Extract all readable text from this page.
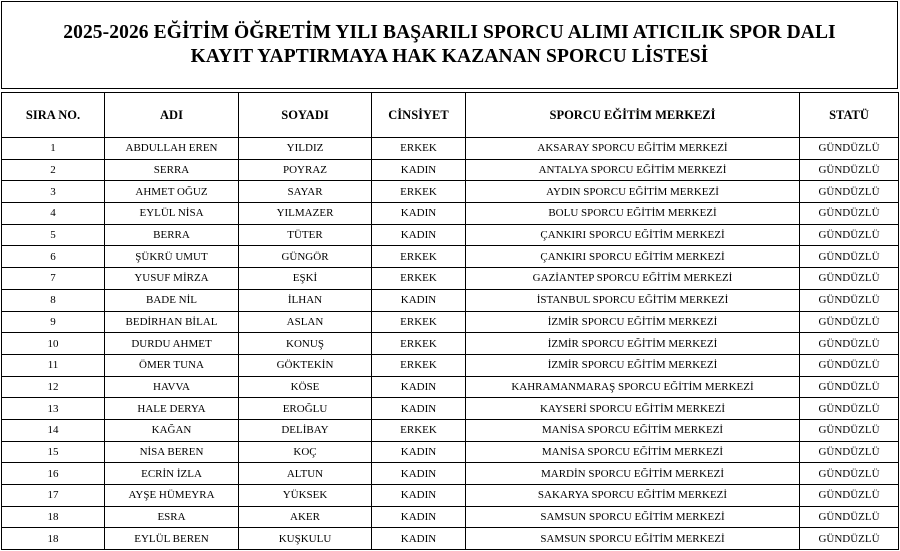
2025-2026 EĞİTİM ÖĞRETİM YILI BAŞARILI SPORCU ALIMI ATICILIK SPOR DALI
KAYIT YAPTIRMAYA HAK KAZANAN SPORCU LİSTESİ
SIRA NO.	ADI	SOYADI	CİNSİYET	SPORCU EĞİTİM MERKEZİ	STATÜ
1	ABDULLAH EREN	YILDIZ	ERKEK	AKSARAY SPORCU EĞİTİM MERKEZİ	GÜNDÜZLÜ
2	SERRA	POYRAZ	KADIN	ANTALYA SPORCU EĞİTİM MERKEZİ	GÜNDÜZLÜ
3	AHMET OĞUZ	SAYAR	ERKEK	AYDIN SPORCU EĞİTİM MERKEZİ	GÜNDÜZLÜ
4	EYLÜL NİSA	YILMAZER	KADIN	BOLU SPORCU EĞİTİM MERKEZİ	GÜNDÜZLÜ
5	BERRA	TÜTER	KADIN	ÇANKIRI SPORCU EĞİTİM MERKEZİ	GÜNDÜZLÜ
6	ŞÜKRÜ UMUT	GÜNGÖR	ERKEK	ÇANKIRI SPORCU EĞİTİM MERKEZİ	GÜNDÜZLÜ
7	YUSUF MİRZA	EŞKİ	ERKEK	GAZİANTEP SPORCU EĞİTİM MERKEZİ	GÜNDÜZLÜ
8	BADE NİL	İLHAN	KADIN	İSTANBUL SPORCU EĞİTİM MERKEZİ	GÜNDÜZLÜ
9	BEDİRHAN BİLAL	ASLAN	ERKEK	İZMİR SPORCU EĞİTİM MERKEZİ	GÜNDÜZLÜ
10	DURDU AHMET	KONUŞ	ERKEK	İZMİR SPORCU EĞİTİM MERKEZİ	GÜNDÜZLÜ
11	ÖMER TUNA	GÖKTEKİN	ERKEK	İZMİR SPORCU EĞİTİM MERKEZİ	GÜNDÜZLÜ
12	HAVVA	KÖSE	KADIN	KAHRAMANMARAŞ SPORCU EĞİTİM MERKEZİ	GÜNDÜZLÜ
13	HALE DERYA	EROĞLU	KADIN	KAYSERİ SPORCU EĞİTİM MERKEZİ	GÜNDÜZLÜ
14	KAĞAN	DELİBAY	ERKEK	MANİSA SPORCU EĞİTİM MERKEZİ	GÜNDÜZLÜ
15	NİSA BEREN	KOÇ	KADIN	MANİSA SPORCU EĞİTİM MERKEZİ	GÜNDÜZLÜ
16	ECRİN İZLA	ALTUN	KADIN	MARDİN SPORCU EĞİTİM MERKEZİ	GÜNDÜZLÜ
17	AYŞE HÜMEYRA	YÜKSEK	KADIN	SAKARYA SPORCU EĞİTİM MERKEZİ	GÜNDÜZLÜ
18	ESRA	AKER	KADIN	SAMSUN SPORCU EĞİTİM MERKEZİ	GÜNDÜZLÜ
18	EYLÜL BEREN	KUŞKULU	KADIN	SAMSUN SPORCU EĞİTİM MERKEZİ	GÜNDÜZLÜ
